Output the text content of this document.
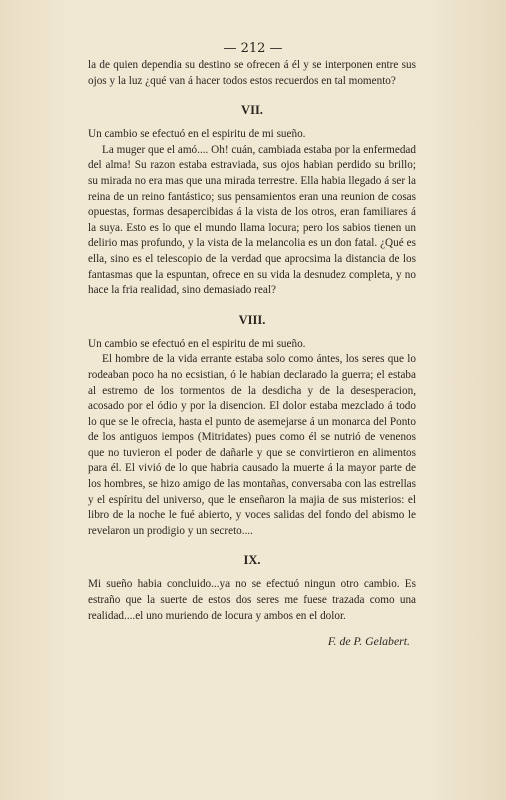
— 212 —

la de quien dependia su destino se ofrecen á él y se interponen entre sus ojos y la luz ¿qué van á hacer todos estos recuerdos en tal momento?

VII.

Un cambio se efectuó en el espiritu de mi sueño.

La muger que el amó.... Oh! cuán, cambiada estaba por la enfermedad del alma! Su razon estaba estraviada, sus ojos habian perdido su brillo; su mirada no era mas que una mirada terrestre. Ella habia llegado á ser la reina de un reino fantástico; sus pensamientos eran una reunion de cosas opuestas, formas desapercibidas á la vista de los otros, eran familiares á la suya. Esto es lo que el mundo llama locura; pero los sabios tienen un delirio mas profundo, y la vista de la melancolia es un don fatal. ¿Qué es ella, sino es el telescopio de la verdad que aprocsima la distancia de los fantasmas que la espuntan, ofrece en su vida la desnudez completa, y no hace la fria realidad, sino demasiado real?

VIII.

Un cambio se efectuó en el espiritu de mi sueño.

El hombre de la vida errante estaba solo como ántes, los seres que lo rodeaban poco ha no ecsistian, ó le habian declarado la guerra; el estaba al estremo de los tormentos de la desdicha y de la desesperacion, acosado por el ódio y por la disencion. El dolor estaba mezclado á todo lo que se le ofrecia, hasta el punto de asemejarse á un monarca del Ponto de los antiguos iempos (Mitridates) pues como él se nutrió de venenos que no tuvieron el poder de dañarle y que se convirtieron en alimentos para él. El vivió de lo que habria causado la muerte á la mayor parte de los hombres, se hizo amigo de las montañas, conversaba con las estrellas y el espíritu del universo, que le enseñaron la majia de sus misterios: el libro de la noche le fué abierto, y voces salidas del fondo del abismo le revelaron un prodigio y un secreto....

IX.

Mi sueño habia concluido...ya no se efectuó ningun otro cambio. Es estraño que la suerte de estos dos seres me fuese trazada como una realidad....el uno muriendo de locura y ambos en el dolor.

F. de P. Gelabert.
